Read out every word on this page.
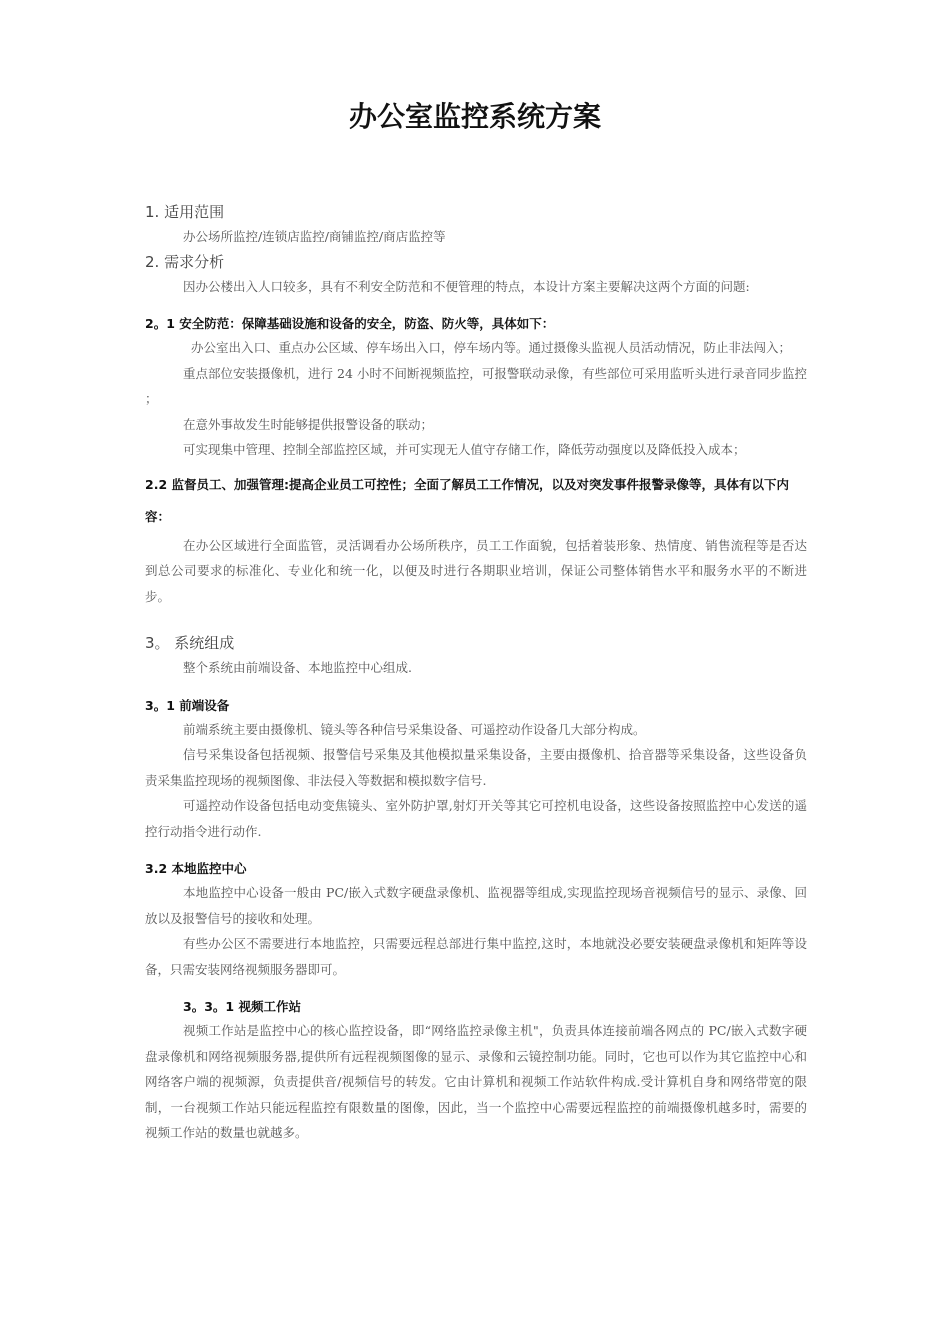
办公室监控系统方案

1. 适用范围

办公场所监控/连锁店监控/商铺监控/商店监控等

2. 需求分析

因办公楼出入人口较多，具有不利安全防范和不便管理的特点，本设计方案主要解决这两个方面的问题:

2。1 安全防范：保障基础设施和设备的安全，防盗、防火等，具体如下：

办公室出入口、重点办公区域、停车场出入口，停车场内等。通过摄像头监视人员活动情况，防止非法闯入；

重点部位安装摄像机，进行 24 小时不间断视频监控，可报警联动录像，有些部位可采用监听头进行录音同步监控 ；

在意外事故发生时能够提供报警设备的联动；

可实现集中管理、控制全部监控区域，并可实现无人值守存储工作，降低劳动强度以及降低投入成本；

2.2 监督员工、加强管理:提高企业员工可控性；全面了解员工工作情况，以及对突发事件报警录像等，具体有以下内容：

在办公区域进行全面监管，灵活调看办公场所秩序，员工工作面貌，包括着装形象、热情度、销售流程等是否达到总公司要求的标准化、专业化和统一化，以便及时进行各期职业培训，保证公司整体销售水平和服务水平的不断进步。

3。 系统组成

整个系统由前端设备、本地监控中心组成.

3。1 前端设备

前端系统主要由摄像机、镜头等各种信号采集设备、可遥控动作设备几大部分构成。

信号采集设备包括视频、报警信号采集及其他模拟量采集设备，主要由摄像机、拾音器等采集设备，这些设备负责采集监控现场的视频图像、非法侵入等数据和模拟数字信号.

可遥控动作设备包括电动变焦镜头、室外防护罩,射灯开关等其它可控机电设备，这些设备按照监控中心发送的遥控行动指令进行动作.

3.2 本地监控中心

本地监控中心设备一般由 PC/嵌入式数字硬盘录像机、监视器等组成,实现监控现场音视频信号的显示、录像、回放以及报警信号的接收和处理。

有些办公区不需要进行本地监控，只需要远程总部进行集中监控,这时，本地就没必要安装硬盘录像机和矩阵等设备，只需安装网络视频服务器即可。

3。3。1 视频工作站

视频工作站是监控中心的核心监控设备，即“网络监控录像主机"，负责具体连接前端各网点的 PC/嵌入式数字硬盘录像机和网络视频服务器,提供所有远程视频图像的显示、录像和云镜控制功能。同时，它也可以作为其它监控中心和网络客户端的视频源，负责提供音/视频信号的转发。它由计算机和视频工作站软件构成.受计算机自身和网络带宽的限制，一台视频工作站只能远程监控有限数量的图像，因此，当一个监控中心需要远程监控的前端摄像机越多时，需要的视频工作站的数量也就越多。
